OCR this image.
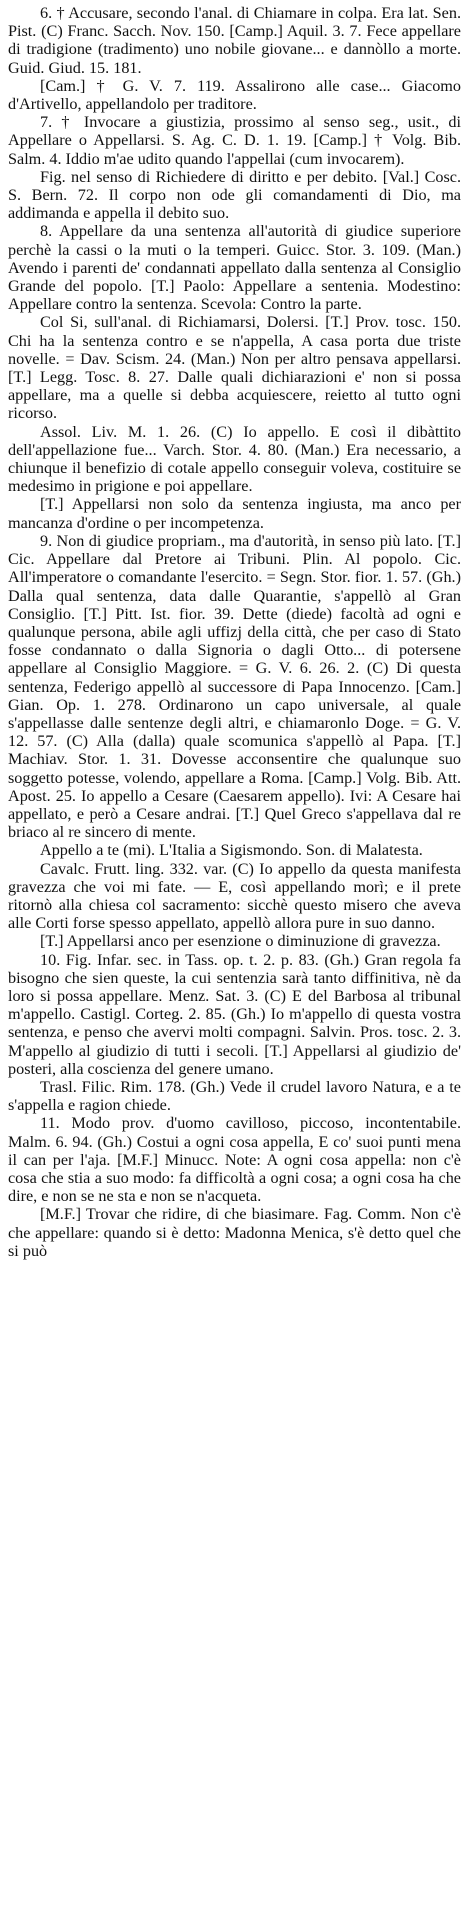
6. † Accusare, secondo l'anal. di Chiamare in colpa. Era lat. Sen. Pist. (C) Franc. Sacch. Nov. 150. [Camp.] Aquil. 3. 7. Fece appellare di tradigione (tradimento) uno nobile giovane... e dannòllo a morte. Guid. Giud. 15. 181.

[Cam.] † G. V. 7. 119. Assalirono alle case... Giacomo d'Artivello, appellandolo per traditore.

7. † Invocare a giustizia, prossimo al senso seg., usit., di Appellare o Appellarsi. S. Ag. C. D. 1. 19. [Camp.] † Volg. Bib. Salm. 4. Iddio m'ae udito quando l'appellai (cum invocarem).

Fig. nel senso di Richiedere di diritto e per debito. [Val.] Cosc. S. Bern. 72. Il corpo non ode gli comandamenti di Dio, ma addimanda e appella il debito suo.

8. Appellare da una sentenza all'autorità di giudice superiore perchè la cassi o la muti o la temperi. Guicc. Stor. 3. 109. (Man.) Avendo i parenti de' condannati appellato dalla sentenza al Consiglio Grande del popolo. [T.] Paolo: Appellare a sentenia. Modestino: Appellare contro la sentenza. Scevola: Contro la parte.

Col Si, sull'anal. di Richiamarsi, Dolersi. [T.] Prov. tosc. 150. Chi ha la sentenza contro e se n'appella, A casa porta due triste novelle. = Dav. Scism. 24. (Man.) Non per altro pensava appellarsi. [T.] Legg. Tosc. 8. 27. Dalle quali dichiarazioni e' non si possa appellare, ma a quelle si debba acquiescere, reietto al tutto ogni ricorso.

Assol. Liv. M. 1. 26. (C) Io appello. E così il dibàttito dell'appellazione fue... Varch. Stor. 4. 80. (Man.) Era necessario, a chiunque il benefizio di cotale appello conseguir voleva, costituire se medesimo in prigione e poi appellare.

[T.] Appellarsi non solo da sentenza ingiusta, ma anco per mancanza d'ordine o per incompetenza.

9. Non di giudice propriam., ma d'autorità, in senso più lato. [T.] Cic. Appellare dal Pretore ai Tribuni. Plin. Al popolo. Cic. All'imperatore o comandante l'esercito. = Segn. Stor. fior. 1. 57. (Gh.) Dalla qual sentenza, data dalle Quarantie, s'appellò al Gran Consiglio. [T.] Pitt. Ist. fior. 39. Dette (diede) facoltà ad ogni e qualunque persona, abile agli uffizj della città, che per caso di Stato fosse condannato o dalla Signoria o dagli Otto... di potersene appellare al Consiglio Maggiore. = G. V. 6. 26. 2. (C) Di questa sentenza, Federigo appellò al successore di Papa Innocenzo. [Cam.] Gian. Op. 1. 278. Ordinarono un capo universale, al quale s'appellasse dalle sentenze degli altri, e chiamaronlo Doge. = G. V. 12. 57. (C) Alla (dalla) quale scomunica s'appellò al Papa. [T.] Machiav. Stor. 1. 31. Dovesse acconsentire che qualunque suo soggetto potesse, volendo, appellare a Roma. [Camp.] Volg. Bib. Att. Apost. 25. Io appello a Cesare (Caesarem appello). Ivi: A Cesare hai appellato, e però a Cesare andrai. [T.] Quel Greco s'appellava dal re briaco al re sincero di mente.

Appello a te (mi). L'Italia a Sigismondo. Son. di Malatesta.

Cavalc. Frutt. ling. 332. var. (C) Io appello da questa manifesta gravezza che voi mi fate. — E, così appellando morì; e il prete ritornò alla chiesa col sacramento: sicchè questo misero che aveva alle Corti forse spesso appellato, appellò allora pure in suo danno.

[T.] Appellarsi anco per esenzione o diminuzione di gravezza.

10. Fig. Infar. sec. in Tass. op. t. 2. p. 83. (Gh.) Gran regola fa bisogno che sien queste, la cui sentenzia sarà tanto diffinitiva, nè da loro si possa appellare. Menz. Sat. 3. (C) E del Barbosa al tribunal m'appello. Castigl. Corteg. 2. 85. (Gh.) Io m'appello di questa vostra sentenza, e penso che avervi molti compagni. Salvin. Pros. tosc. 2. 3. M'appello al giudizio di tutti i secoli. [T.] Appellarsi al giudizio de' posteri, alla coscienza del genere umano.

Trasl. Filic. Rim. 178. (Gh.) Vede il crudel lavoro Natura, e a te s'appella e ragion chiede.

11. Modo prov. d'uomo cavilloso, piccoso, incontentabile. Malm. 6. 94. (Gh.) Costui a ogni cosa appella, E co' suoi punti mena il can per l'aja. [M.F.] Minucc. Note: A ogni cosa appella: non c'è cosa che stia a suo modo: fa difficoltà a ogni cosa; a ogni cosa ha che dire, e non se ne sta e non se n'acqueta.

[M.F.] Trovar che ridire, di che biasimare. Fag. Comm. Non c'è che appellare: quando si è detto: Madonna Menica, s'è detto quel che si può
